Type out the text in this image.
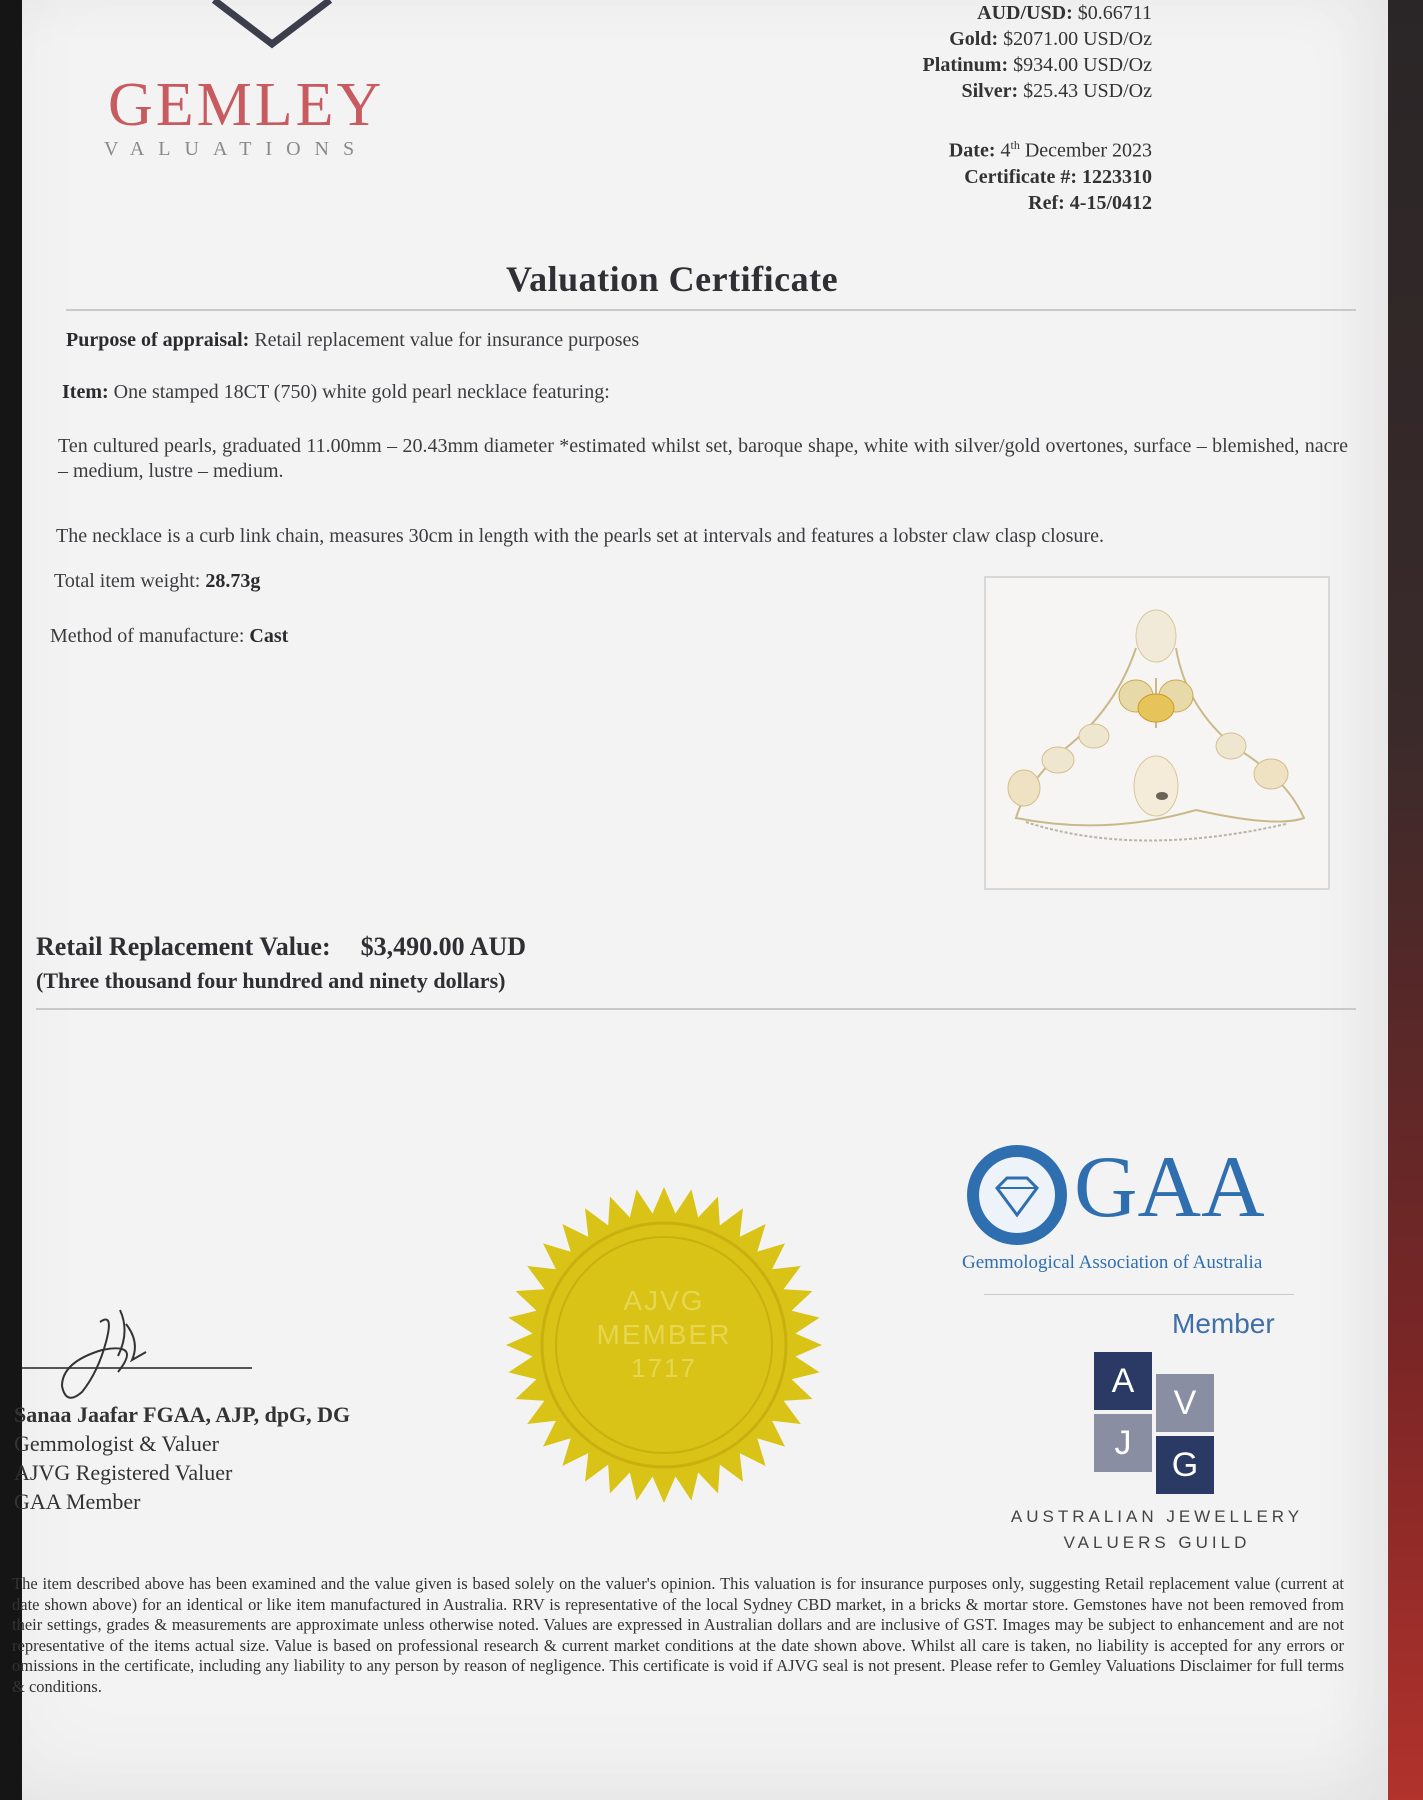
GEMLEY
VALUATIONS
AUD/USD: $0.66711
Gold: $2071.00 USD/Oz
Platinum: $934.00 USD/Oz
Silver: $25.43 USD/Oz
Date: 4th December 2023
Certificate #: 1223310
Ref: 4-15/0412
Valuation Certificate
Purpose of appraisal: Retail replacement value for insurance purposes
Item: One stamped 18CT (750) white gold pearl necklace featuring:
Ten cultured pearls, graduated 11.00mm – 20.43mm diameter *estimated whilst set, baroque shape, white with silver/gold overtones, surface – blemished, nacre – medium, lustre – medium.
The necklace is a curb link chain, measures 30cm in length with the pearls set at intervals and features a lobster claw clasp closure.
Total item weight: 28.73g
Method of manufacture: Cast
Retail Replacement Value: $3,490.00 AUD
(Three thousand four hundred and ninety dollars)
Sanaa Jaafar FGAA, AJP, dpG, DG
Gemmologist & Valuer
AJVG Registered Valuer
GAA Member
AJVG
MEMBER
1717
GAA
Gemmological Association of Australia
Member
A
V
J
G
AUSTRALIAN JEWELLERY
VALUERS GUILD
The item described above has been examined and the value given is based solely on the valuer's opinion. This valuation is for insurance purposes only, suggesting Retail replacement value (current at date shown above) for an identical or like item manufactured in Australia. RRV is representative of the local Sydney CBD market, in a bricks & mortar store. Gemstones have not been removed from their settings, grades & measurements are approximate unless otherwise noted. Values are expressed in Australian dollars and are inclusive of GST. Images may be subject to enhancement and are not representative of the items actual size. Value is based on professional research & current market conditions at the date shown above. Whilst all care is taken, no liability is accepted for any errors or omissions in the certificate, including any liability to any person by reason of negligence. This certificate is void if AJVG seal is not present. Please refer to Gemley Valuations Disclaimer for full terms & conditions.
